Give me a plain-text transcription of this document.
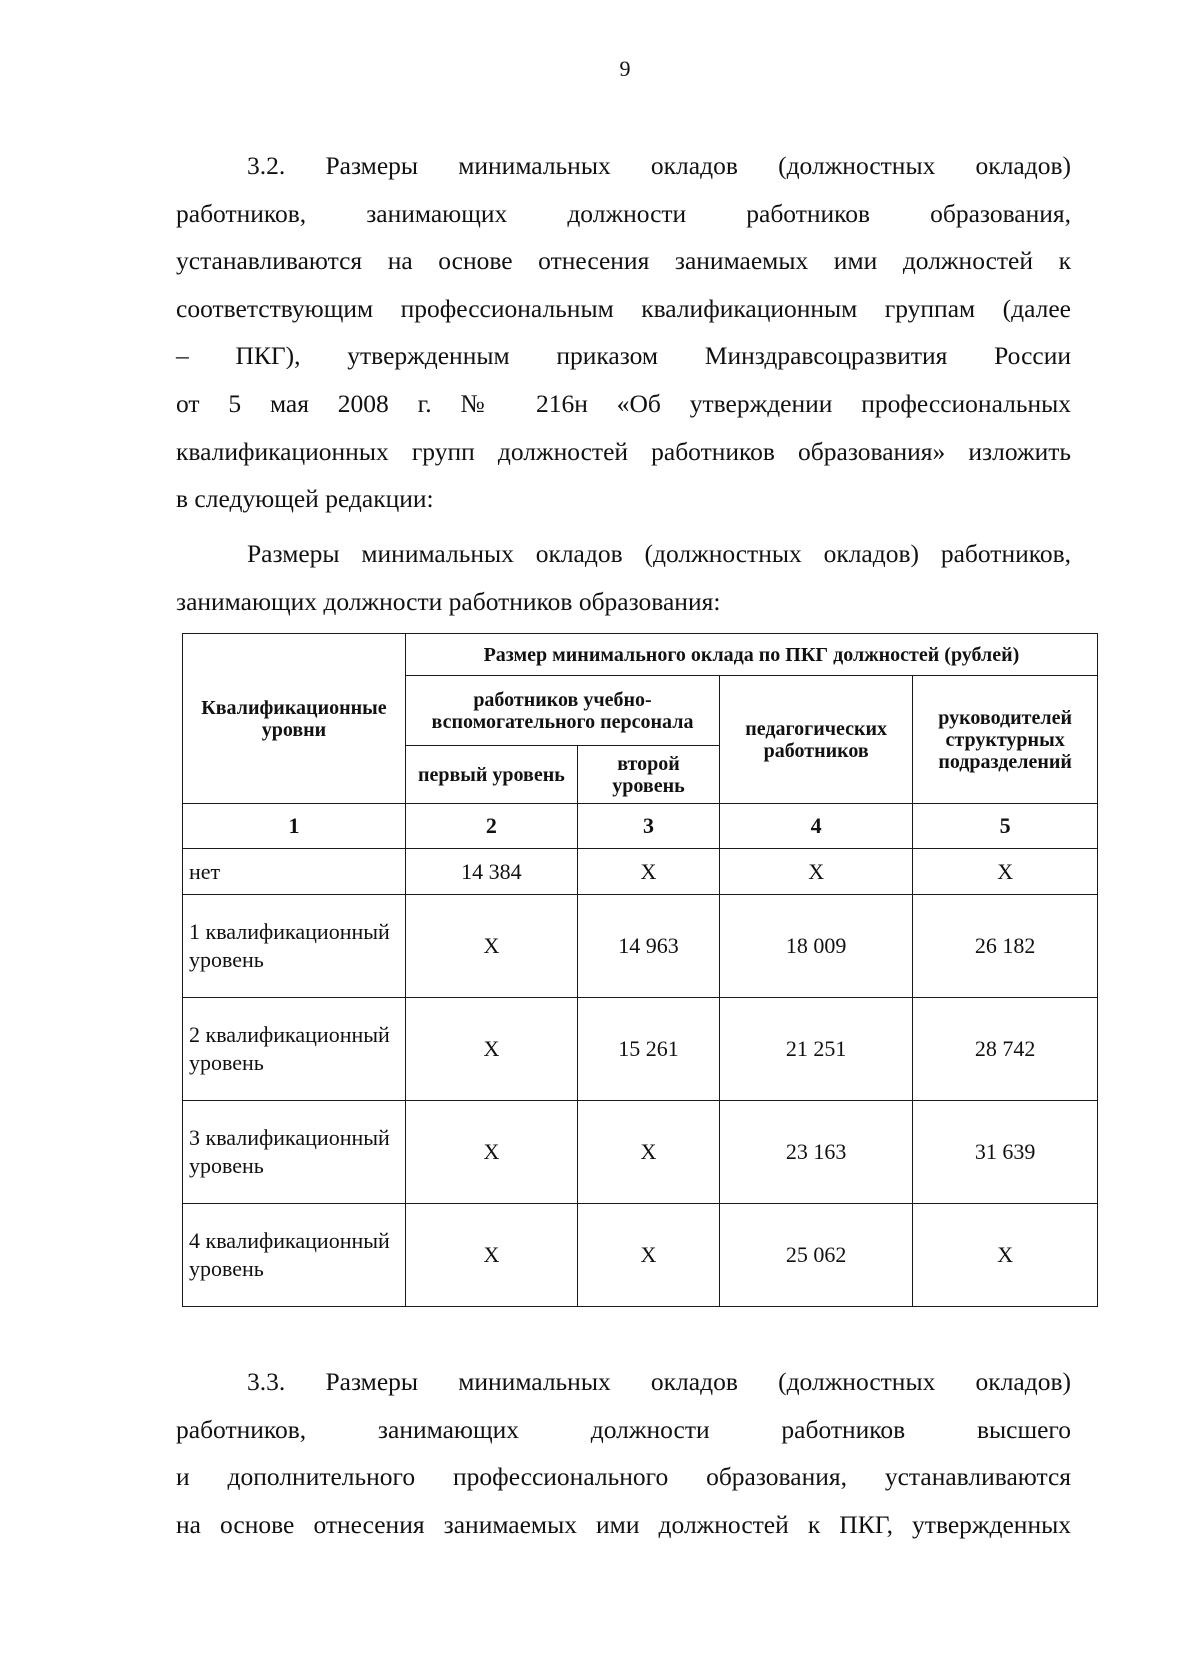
9
3.2. Размеры минимальных окладов (должностных окладов)
работников, занимающих должности работников образования,
устанавливаются на основе отнесения занимаемых ими должностей к
соответствующим профессиональным квалификационным группам (далее
– ПКГ), утвержденным приказом Минздравсоцразвития России
от 5 мая 2008 г. № 216н «Об утверждении профессиональных
квалификационных групп должностей работников образования» изложить
в следующей редакции:
Размеры минимальных окладов (должностных окладов) работников,
занимающих должности работников образования:
Квалификационные уровни	Размер минимального оклада по ПКГ должностей (рублей)			
	работников учебно-вспомогательного персонала		педагогических работников	руководителей структурных подразделений
	первый уровень	второй уровень		
1	2	3	4	5
нет	14 384	Х	Х	Х
1 квалификационный уровень	Х	14 963	18 009	26 182
2 квалификационный уровень	Х	15 261	21 251	28 742
3 квалификационный уровень	Х	Х	23 163	31 639
4 квалификационный уровень	Х	Х	25 062	Х
3.3. Размеры минимальных окладов (должностных окладов)
работников, занимающих должности работников высшего
и дополнительного профессионального образования, устанавливаются
на основе отнесения занимаемых ими должностей к ПКГ, утвержденных
